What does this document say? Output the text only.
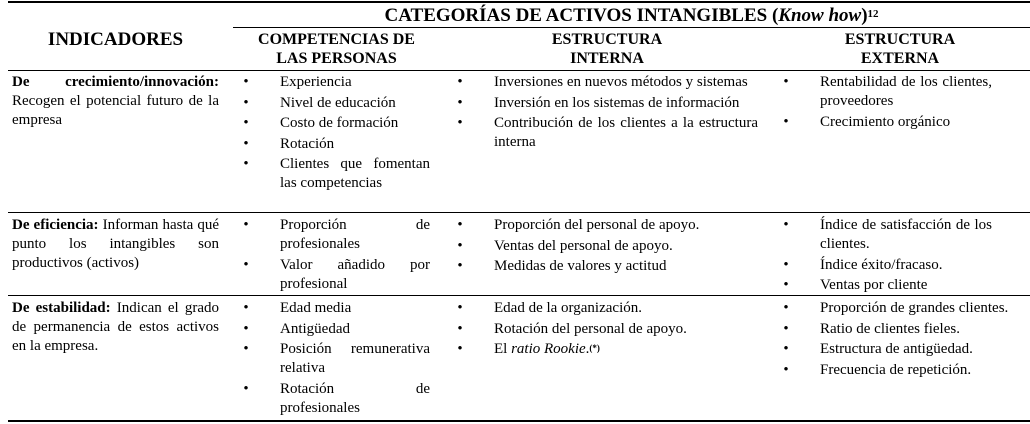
CATEGORÍAS DE ACTIVOS INTANGIBLES (Know how)$^{12}$
INDICADORES	COMPETENCIAS DE
LAS PERSONAS
ESTRUCTURA
INTERNA
ESTRUCTURA
EXTERNA
De crecimiento/innovación: Recogen el potencial futuro de la empresa
• Experiencia
• Nivel de educación
• Costo de formación
• Rotación
• Clientes que fomentan las competencias
• Inversiones en nuevos métodos y sistemas
• Inversión en los sistemas de información
• Contribución de los clientes a la estructura interna
• Rentabilidad de los clientes, proveedores
• Crecimiento orgánico
De eficiencia: Informan hasta qué punto los intangibles son productivos (activos)
• Proporción de profesionales
• Valor añadido por profesional
• Proporción del personal de apoyo.
• Ventas del personal de apoyo.
• Medidas de valores y actitud
• Índice de satisfacción de los clientes.
• Índice éxito/fracaso.
• Ventas por cliente
De estabilidad: Indican el grado de permanencia de estos activos en la empresa.
• Edad media
• Antigüedad
• Posición remunerativa relativa
• Rotación de profesionales
• Edad de la organización.
• Rotación del personal de apoyo.
• El ratio Rookie.(*)
• Proporción de grandes clientes.
• Ratio de clientes fieles.
• Estructura de antigüedad.
• Frecuencia de repetición.
